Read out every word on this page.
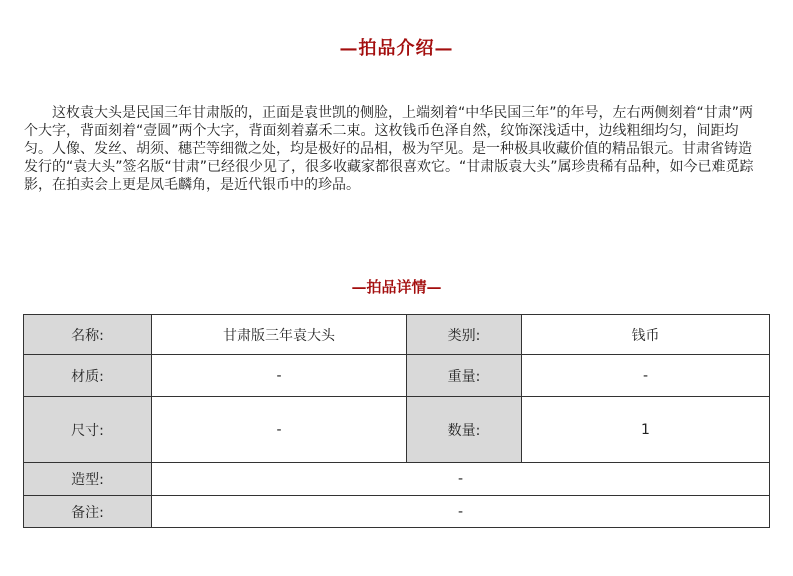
—拍品介绍—

这枚袁大头是民国三年甘肃版的，正面是袁世凯的侧脸，上端刻着“中华民国三年”的年号，左右两侧刻着“甘肃”两个大字，背面刻着“壹圆”两个大字，背面刻着嘉禾二束。这枚钱币色泽自然，纹饰深浅适中，边线粗细均匀，间距均匀。人像、发丝、胡须、穗芒等细微之处，均是极好的品相，极为罕见。是一种极具收藏价值的精品银元。甘肃省铸造发行的“袁大头”签名版“甘肃”已经很少见了，很多收藏家都很喜欢它。“甘肃版袁大头”属珍贵稀有品种，如今已难觅踪影，在拍卖会上更是凤毛麟角，是近代银币中的珍品。

—拍品详情—
名称:	甘肃版三年袁大头	类别:	钱币
材质:	-	重量:	-
尺寸:	-	数量:	1
造型:	-		
备注:	-		
